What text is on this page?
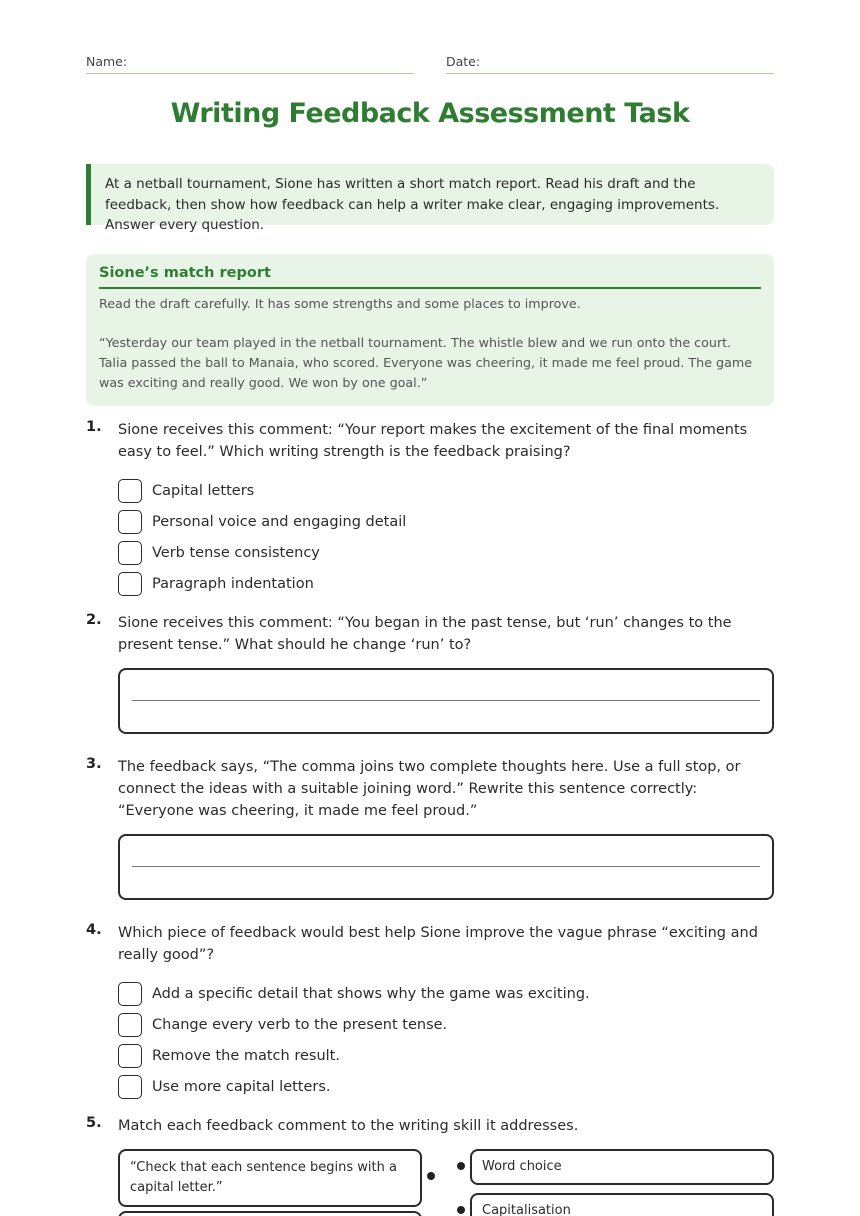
Name:	Date:
Writing Feedback Assessment Task

At a netball tournament, Sione has written a short match report. Read his draft and the feedback, then show how feedback can help a writer make clear, engaging improvements. Answer every question.

Sione’s match report

Read the draft carefully. It has some strengths and some places to improve.

“Yesterday our team played in the netball tournament. The whistle blew and we run onto the court. Talia passed the ball to Manaia, who scored. Everyone was cheering, it made me feel proud. The game was exciting and really good. We won by one goal.”

1. Sione receives this comment: “Your report makes the excitement of the final moments easy to feel.” Which writing strength is the feedback praising?

Capital letters
Personal voice and engaging detail
Verb tense consistency
Paragraph indentation
2. Sione receives this comment: “You began in the past tense, but ‘run’ changes to the present tense.” What should he change ‘run’ to?

3. The feedback says, “The comma joins two complete thoughts here. Use a full stop, or connect the ideas with a suitable joining word.” Rewrite this sentence correctly: “Everyone was cheering, it made me feel proud.”

4. Which piece of feedback would best help Sione improve the vague phrase “exciting and really good”?

Add a specific detail that shows why the game was exciting.
Change every verb to the present tense.
Remove the match result.
Use more capital letters.
5. Match each feedback comment to the writing skill it addresses.

“Check that each sentence begins with a capital letter.”
Word choice
Capitalisation
